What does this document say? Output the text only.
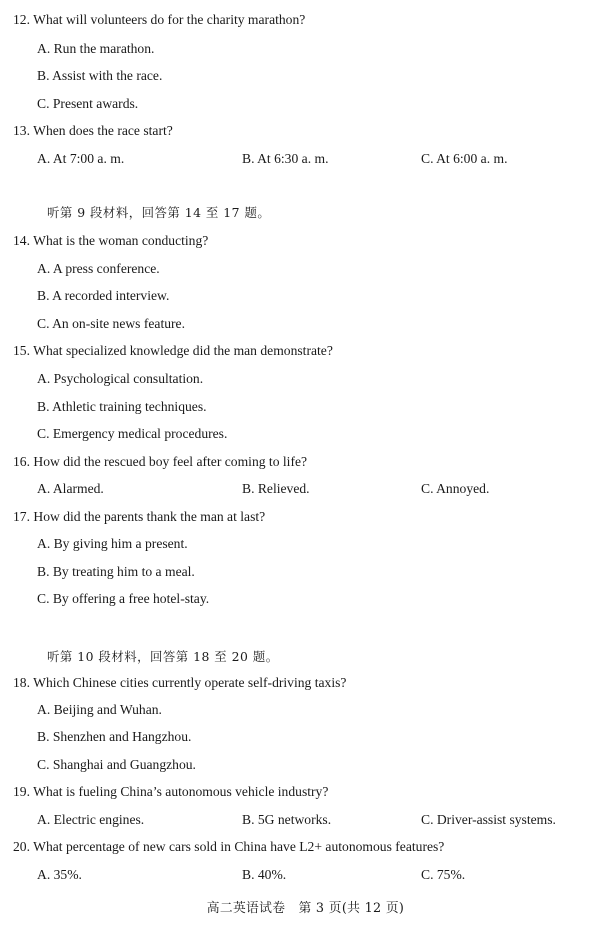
12. What will volunteers do for the charity marathon?
A. Run the marathon.
B. Assist with the race.
C. Present awards.
13. When does the race start?
A. At 7:00 a. m.	B. At 6:30 a. m.	C. At 6:00 a. m.
听第 9 段材料，回答第 14 至 17 题。
14. What is the woman conducting?
A. A press conference.
B. A recorded interview.
C. An on-site news feature.
15. What specialized knowledge did the man demonstrate?
A. Psychological consultation.
B. Athletic training techniques.
C. Emergency medical procedures.
16. How did the rescued boy feel after coming to life?
A. Alarmed.	B. Relieved.	C. Annoyed.
17. How did the parents thank the man at last?
A. By giving him a present.
B. By treating him to a meal.
C. By offering a free hotel-stay.
听第 10 段材料，回答第 18 至 20 题。
18. Which Chinese cities currently operate self-driving taxis?
A. Beijing and Wuhan.
B. Shenzhen and Hangzhou.
C. Shanghai and Guangzhou.
19. What is fueling China’s autonomous vehicle industry?
A. Electric engines.	B. 5G networks.	C. Driver-assist systems.
20. What percentage of new cars sold in China have L2+ autonomous features?
A. 35%.	B. 40%.	C. 75%.
高二英语试卷　第 3 页(共 12 页)
